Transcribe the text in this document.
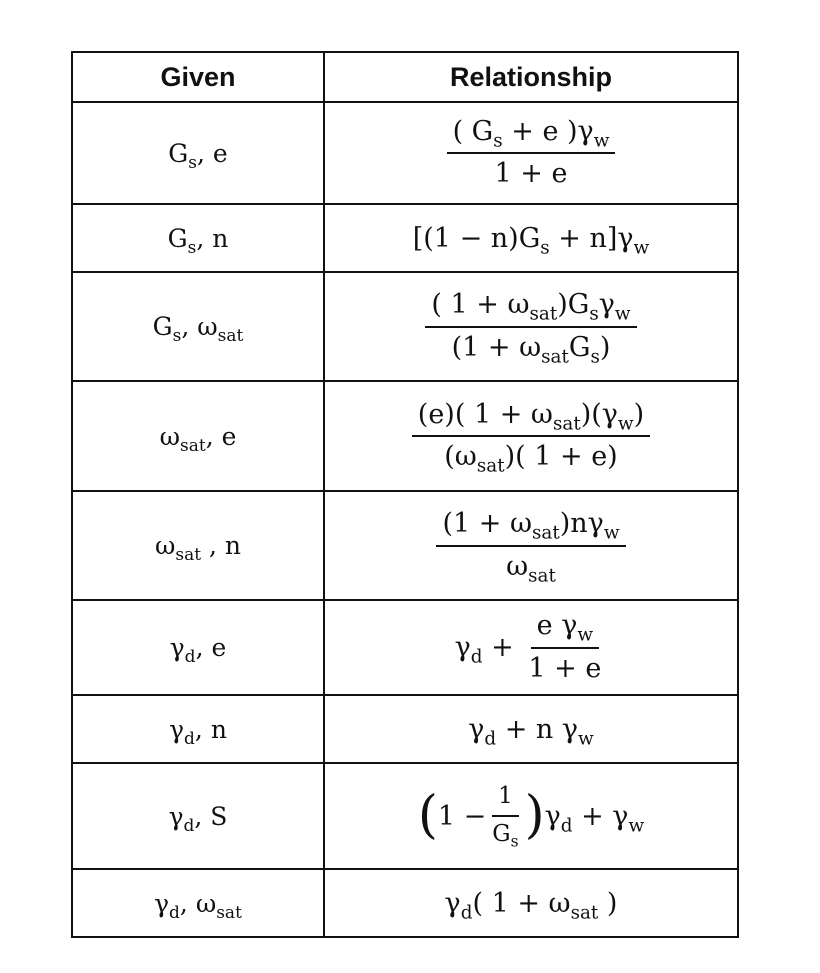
Given	Relationship
$G_s$, e	$\frac{( G_s + e )\gamma_w}{1 + e}$

$G_s$, n	$[(1 - n)G_s + n]\gamma_w$
$G_s$, $\omega_{sat}$	$\frac{( 1 + \omega_{sat})G_s\gamma_w}{(1 + \omega_{sat}G_s)}$

$\omega_{sat}$, e	$\frac{(e)( 1 + \omega_{sat})(\gamma_w)}{(\omega_{sat})( 1 + e)}$

$\omega_{sat}$ , n	$\frac{(1 + \omega_{sat})n\gamma_w}{\omega_{sat}}$

$\gamma_d$, e	$\gamma_d + \frac{e \gamma_w}{1 + e}$

$\gamma_d$, n	$\gamma_d + n$ $\gamma_w$
$\gamma_d$, S	$(1 - \frac{1}{G_s} )\gamma_d + \gamma_w$
$\gamma_d$, $\omega_{sat}$	$\gamma_d$( $1 + \omega_{sat}$ )
